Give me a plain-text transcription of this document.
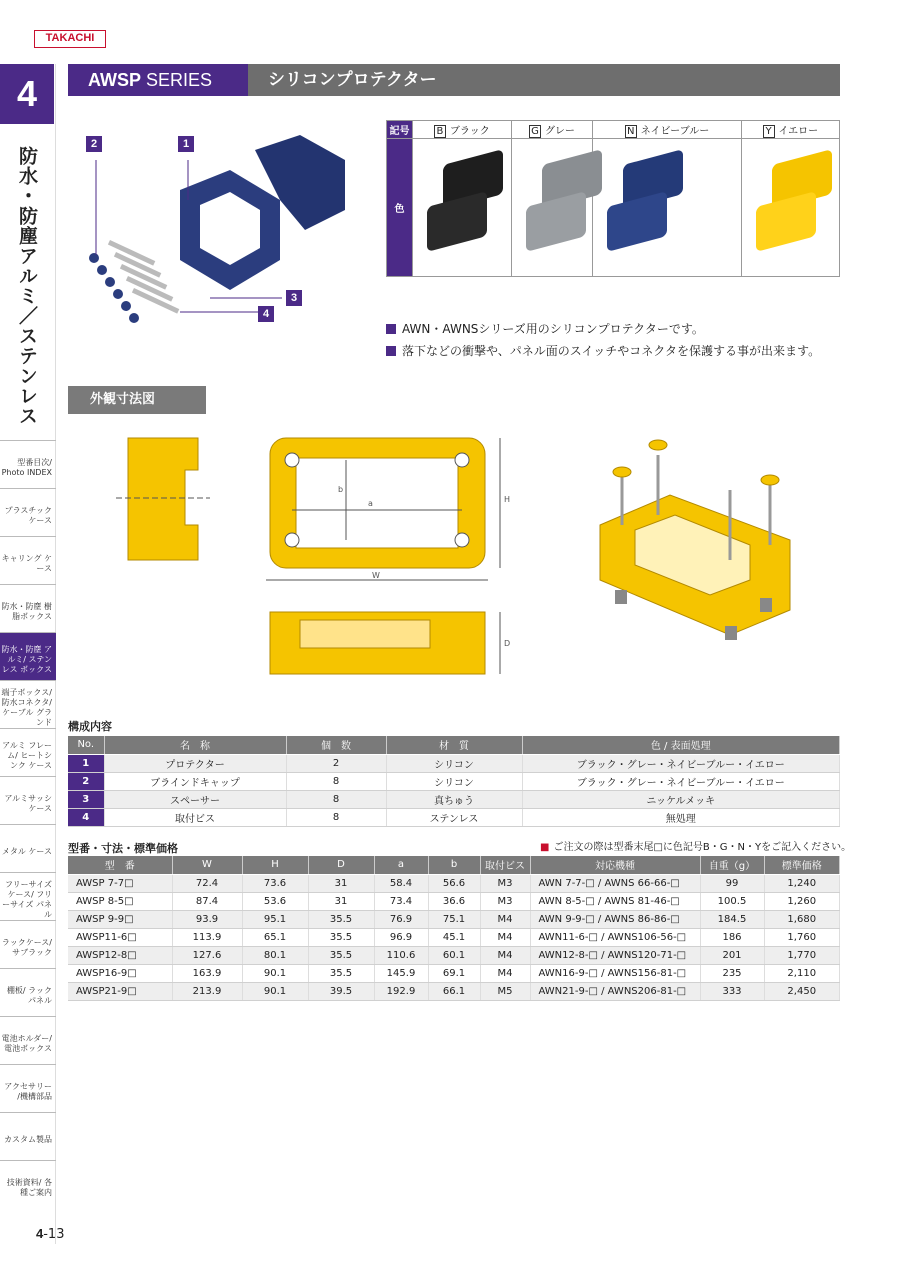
TAKACHI
4
防水・防塵アルミ／ステンレス
型番目次/ Photo INDEX
プラスチック ケース
キャリング ケース
防水・防塵 樹脂ボックス
防水・防塵 アルミ/ ステンレス ボックス
端子ボックス/ 防水コネクタ/ ケーブル グランド
アルミ フレーム/ ヒートシンク ケース
アルミサッシ ケース
メタル ケース
フリーサイズ ケース/ フリーサイズ パネル
ラックケース/ サブラック
棚板/ ラックパネル
電池ホルダー/ 電池ボックス
アクセサリー /機構部品
カスタム製品
技術資料/ 各種ご案内
AWSP SERIES	シリコンプロテクター
2	1
3
4
記号	B ブラック	G グレー	N ネイビーブルー	Y イエロー
色	

AWN・AWNSシリーズ用のシリコンプロテクターです。

落下などの衝撃や、パネル面のスイッチやコネクタを保護する事が出来ます。

外観寸法図
b
a	H
W
D
構成内容
No.	名　称	個　数	材　質	色 / 表面処理
1	プロテクター	2	シリコン	ブラック・グレー・ネイビーブルー・イエロー
2	ブラインドキャップ	8	シリコン	ブラック・グレー・ネイビーブルー・イエロー
3	スペーサー	8	真ちゅう	ニッケルメッキ
4	取付ビス	8	ステンレス	無処理
型番・寸法・標準価格	■ ご注文の際は型番末尾□に色記号B・G・N・Yをご記入ください。
型　番	W	H	D	a	b	取付ビス	対応機種	自重（g）	標準価格
AWSP 7-7□	72.4	73.6	31	58.4	56.6	M3	AWN 7-7-□ / AWNS 66-66-□	99	1,240
AWSP 8-5□	87.4	53.6	31	73.4	36.6	M3	AWN 8-5-□ / AWNS 81-46-□	100.5	1,260
AWSP 9-9□	93.9	95.1	35.5	76.9	75.1	M4	AWN 9-9-□ / AWNS 86-86-□	184.5	1,680
AWSP11-6□	113.9	65.1	35.5	96.9	45.1	M4	AWN11-6-□ / AWNS106-56-□	186	1,760
AWSP12-8□	127.6	80.1	35.5	110.6	60.1	M4	AWN12-8-□ / AWNS120-71-□	201	1,770
AWSP16-9□	163.9	90.1	35.5	145.9	69.1	M4	AWN16-9-□ / AWNS156-81-□	235	2,110
AWSP21-9□	213.9	90.1	39.5	192.9	66.1	M5	AWN21-9-□ / AWNS206-81-□	333	2,450
4-13
